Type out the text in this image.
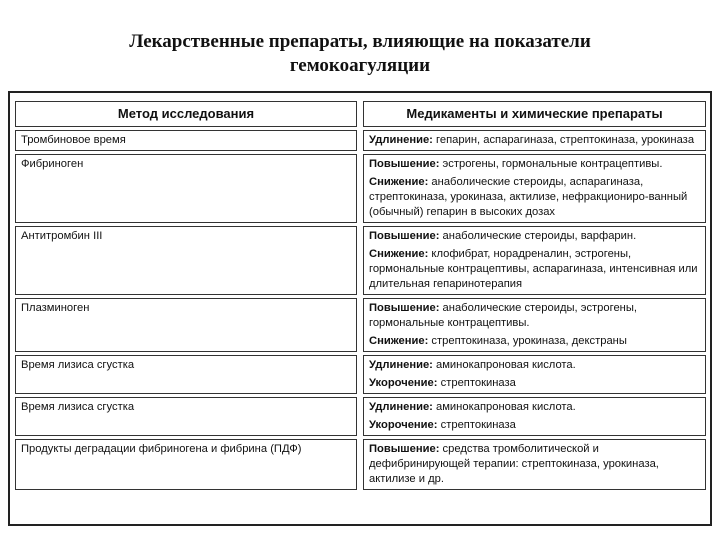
Лекарственные препараты, влияющие на показатели
гемокоагуляции
Метод исследования		Медикаменты и химические препараты
Тромбиновое время		Удлинение: гепарин, аспарагиназа, стрептокиназа, урокиназа

Фибриноген		Повышение: эстрогены, гормональные контрацептивы.
Снижение: анаболические стероиды, аспарагиназа, стрептокиназа, урокиназа, актилизе, нефракциониро-ванный (обычный) гепарин в высоких дозах

Антитромбин III		Повышение: анаболические стероиды, варфарин.
Снижение: клофибрат, норадреналин, эстрогены, гормональные контрацептивы, аспарагиназа, интенсивная или длительная гепаринотерапия

Плазминоген		Повышение: анаболические стероиды, эстрогены, гормональные контрацептивы.
Снижение: стрептокиназа, урокиназа, декстраны

Время лизиса сгустка		Удлинение: аминокапроновая кислота.
Укорочение: стрептокиназа

Время лизиса сгустка		Удлинение: аминокапроновая кислота.
Укорочение: стрептокиназа

Продукты деградации фибриногена и фибрина (ПДФ)		Повышение: средства тромболитической и дефибринирующей терапии: стрептокиназа, урокиназа, актилизе и др.
